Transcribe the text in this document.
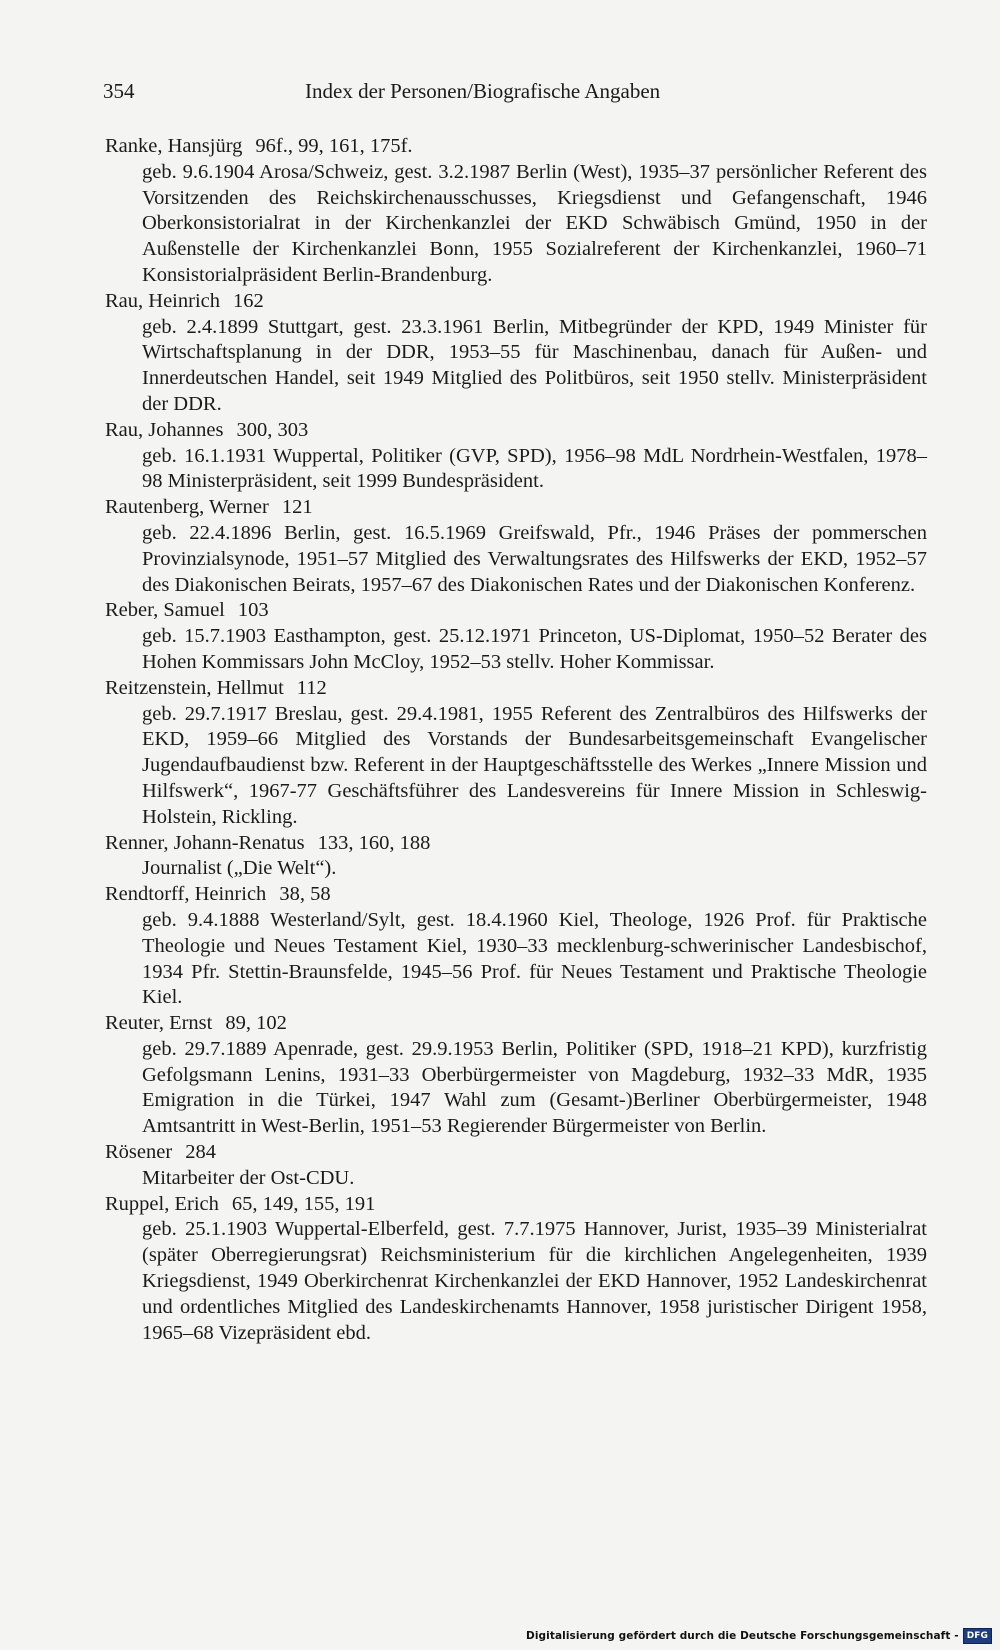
354	Index der Personen/Biografische Angaben
Ranke, Hansjürg 96f., 99, 161, 175f.
geb. 9.6.1904 Arosa/Schweiz, gest. 3.2.1987 Berlin (West), 1935–37 persönlicher Referent des Vorsitzenden des Reichskirchenausschusses, Kriegsdienst und Gefangenschaft, 1946 Oberkonsistorialrat in der Kirchenkanzlei der EKD Schwäbisch Gmünd, 1950 in der Außenstelle der Kirchenkanzlei Bonn, 1955 Sozialreferent der Kirchenkanzlei, 1960–71 Konsistorialpräsident Berlin-Brandenburg.
Rau, Heinrich 162
geb. 2.4.1899 Stuttgart, gest. 23.3.1961 Berlin, Mitbegründer der KPD, 1949 Minister für Wirtschaftsplanung in der DDR, 1953–55 für Maschinenbau, danach für Außen- und Innerdeutschen Handel, seit 1949 Mitglied des Politbüros, seit 1950 stellv. Ministerpräsident der DDR.
Rau, Johannes 300, 303
geb. 16.1.1931 Wuppertal, Politiker (GVP, SPD), 1956–98 MdL Nordrhein-Westfalen, 1978–98 Ministerpräsident, seit 1999 Bundespräsident.
Rautenberg, Werner 121
geb. 22.4.1896 Berlin, gest. 16.5.1969 Greifswald, Pfr., 1946 Präses der pommerschen Provinzialsynode, 1951–57 Mitglied des Verwaltungsrates des Hilfswerks der EKD, 1952–57 des Diakonischen Beirats, 1957–67 des Diakonischen Rates und der Diakonischen Konferenz.
Reber, Samuel 103
geb. 15.7.1903 Easthampton, gest. 25.12.1971 Princeton, US-Diplomat, 1950–52 Berater des Hohen Kommissars John McCloy, 1952–53 stellv. Hoher Kommissar.
Reitzenstein, Hellmut 112
geb. 29.7.1917 Breslau, gest. 29.4.1981, 1955 Referent des Zentralbüros des Hilfswerks der EKD, 1959–66 Mitglied des Vorstands der Bundesarbeitsgemeinschaft Evangelischer Jugendaufbaudienst bzw. Referent in der Hauptgeschäftsstelle des Werkes „Innere Mission und Hilfswerk“, 1967-77 Geschäftsführer des Landesvereins für Innere Mission in Schleswig-Holstein, Rickling.
Renner, Johann-Renatus 133, 160, 188
Journalist („Die Welt“).
Rendtorff, Heinrich 38, 58
geb. 9.4.1888 Westerland/Sylt, gest. 18.4.1960 Kiel, Theologe, 1926 Prof. für Praktische Theologie und Neues Testament Kiel, 1930–33 mecklenburg-schwerinischer Landesbischof, 1934 Pfr. Stettin-Braunsfelde, 1945–56 Prof. für Neues Testament und Praktische Theologie Kiel.
Reuter, Ernst 89, 102
geb. 29.7.1889 Apenrade, gest. 29.9.1953 Berlin, Politiker (SPD, 1918–21 KPD), kurzfristig Gefolgsmann Lenins, 1931–33 Oberbürgermeister von Magdeburg, 1932–33 MdR, 1935 Emigration in die Türkei, 1947 Wahl zum (Gesamt-)Berliner Oberbürgermeister, 1948 Amtsantritt in West-Berlin, 1951–53 Regierender Bürgermeister von Berlin.
Rösener 284
Mitarbeiter der Ost-CDU.
Ruppel, Erich 65, 149, 155, 191
geb. 25.1.1903 Wuppertal-Elberfeld, gest. 7.7.1975 Hannover, Jurist, 1935–39 Ministerialrat (später Oberregierungsrat) Reichsministerium für die kirchlichen Angelegenheiten, 1939 Kriegsdienst, 1949 Oberkirchenrat Kirchenkanzlei der EKD Hannover, 1952 Landeskirchenrat und ordentliches Mitglied des Landeskirchenamts Hannover, 1958 juristischer Dirigent 1958, 1965–68 Vizepräsident ebd.
Digitalisierung gefördert durch die Deutsche Forschungsgemeinschaft - DFG
